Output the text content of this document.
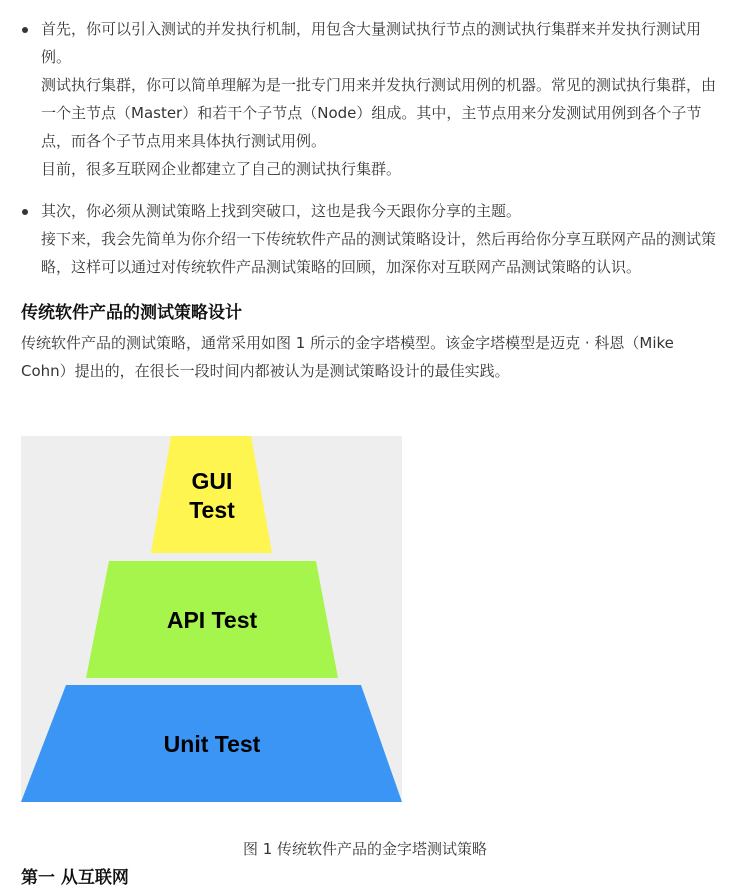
首先，你可以引入测试的并发执行机制，用包含大量测试执行节点的测试执行集群来并发执行测试用例。

测试执行集群，你可以简单理解为是一批专门用来并发执行测试用例的机器。常见的测试执行集群，由一个主节点（Master）和若干个子节点（Node）组成。其中，主节点用来分发测试用例到各个子节点，而各个子节点用来具体执行测试用例。

目前，很多互联网企业都建立了自己的测试执行集群。

其次，你必须从测试策略上找到突破口，这也是我今天跟你分享的主题。

接下来，我会先简单为你介绍一下传统软件产品的测试策略设计，然后再给你分享互联网产品的测试策略，这样可以通过对传统软件产品测试策略的回顾，加深你对互联网产品测试策略的认识。

传统软件产品的测试策略设计

传统软件产品的测试策略，通常采用如图 1 所示的金字塔模型。该金字塔模型是迈克 · 科恩（Mike Cohn）提出的，在很长一段时间内都被认为是测试策略设计的最佳实践。

GUI
Test
API Test
Unit Test
图 1 传统软件产品的金字塔测试策略
第一 从互联网
